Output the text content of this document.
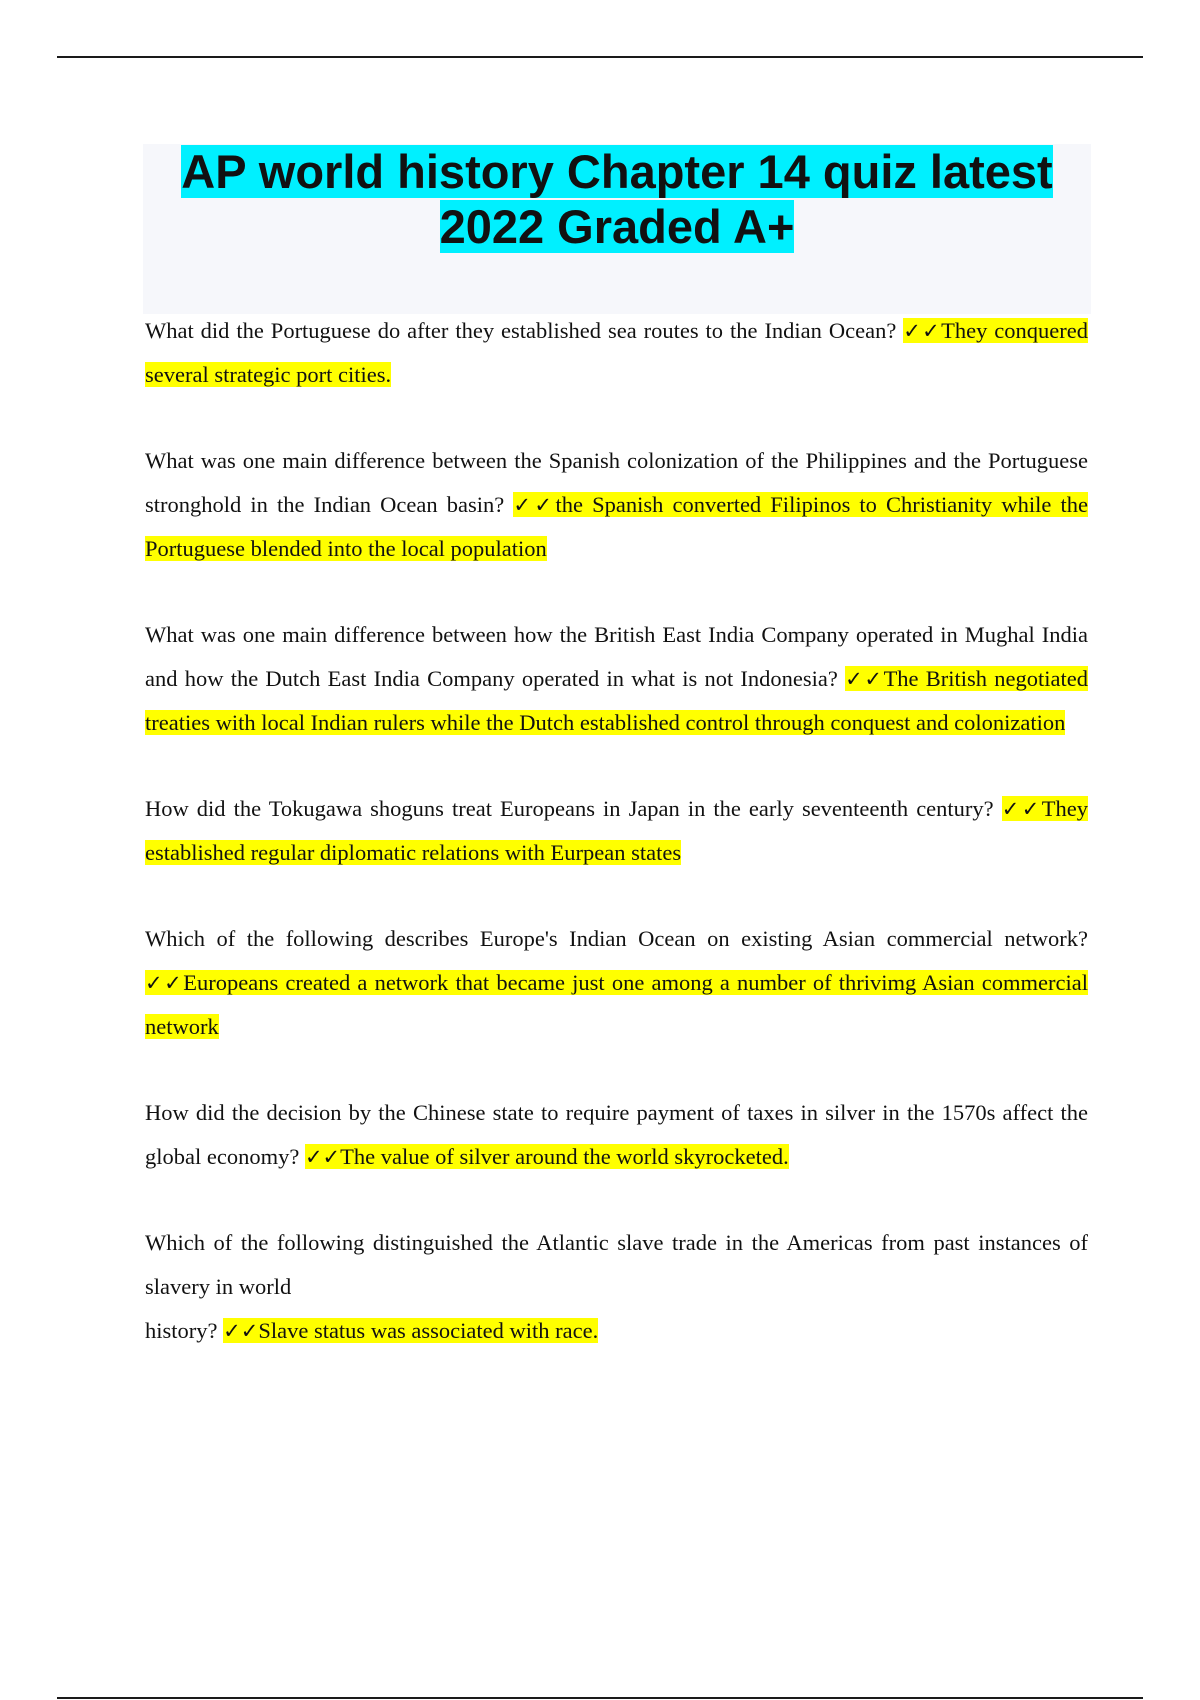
AP world history Chapter 14 quiz latest
2022 Graded A+

What did the Portuguese do after they established sea routes to the Indian Ocean? ✓✓They conquered several strategic port cities.

What was one main difference between the Spanish colonization of the Philippines and the Portuguese stronghold in the Indian Ocean basin? ✓✓the Spanish converted Filipinos to Christianity while the Portuguese blended into the local population

What was one main difference between how the British East India Company operated in Mughal India and how the Dutch East India Company operated in what is not Indonesia? ✓✓The British negotiated treaties with local Indian rulers while the Dutch established control through conquest and colonization

How did the Tokugawa shoguns treat Europeans in Japan in the early seventeenth century? ✓✓They established regular diplomatic relations with Eurpean states

Which of the following describes Europe's Indian Ocean on existing Asian commercial network? ✓✓Europeans created a network that became just one among a number of thrivimg Asian commercial network

How did the decision by the Chinese state to require payment of taxes in silver in the 1570s affect the global economy? ✓✓The value of silver around the world skyrocketed.

Which of the following distinguished the Atlantic slave trade in the Americas from past instances of slavery in world
history? ✓✓Slave status was associated with race.
